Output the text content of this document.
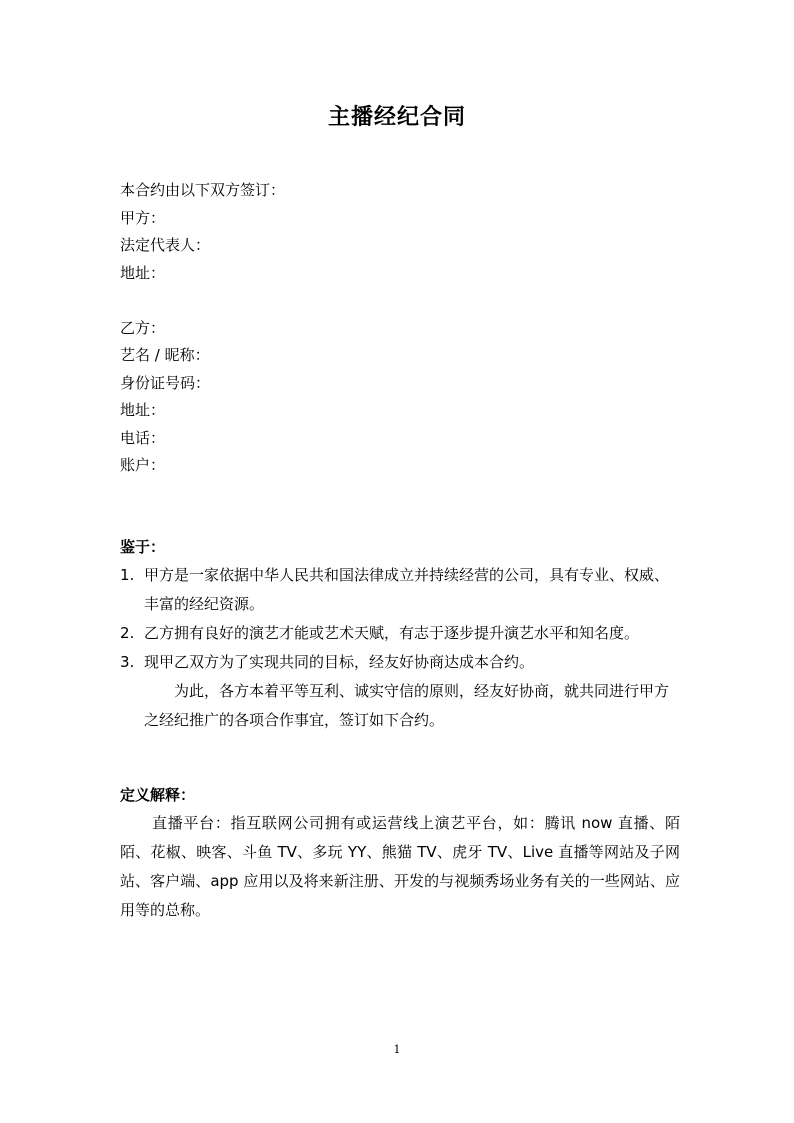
主播经纪合同
本合约由以下双方签订：
甲方：
法定代表人：
地址：
乙方：
艺名 / 昵称：
身份证号码：
地址：
电话：
账户：
鉴于：
1. 甲方是一家依据中华人民共和国法律成立并持续经营的公司，具有专业、权威、丰富的经纪资源。
2. 乙方拥有良好的演艺才能或艺术天赋，有志于逐步提升演艺水平和知名度。
3. 现甲乙双方为了实现共同的目标，经友好协商达成本合约。
为此，各方本着平等互利、诚实守信的原则，经友好协商，就共同进行甲方之经纪推广的各项合作事宜，签订如下合约。
定义解释：
直播平台：指互联网公司拥有或运营线上演艺平台，如：腾讯 now 直播、陌陌、花椒、映客、斗鱼 TV、多玩 YY、熊猫 TV、虎牙 TV、Live 直播等网站及子网站、客户端、app 应用以及将来新注册、开发的与视频秀场业务有关的一些网站、应用等的总称。
1
